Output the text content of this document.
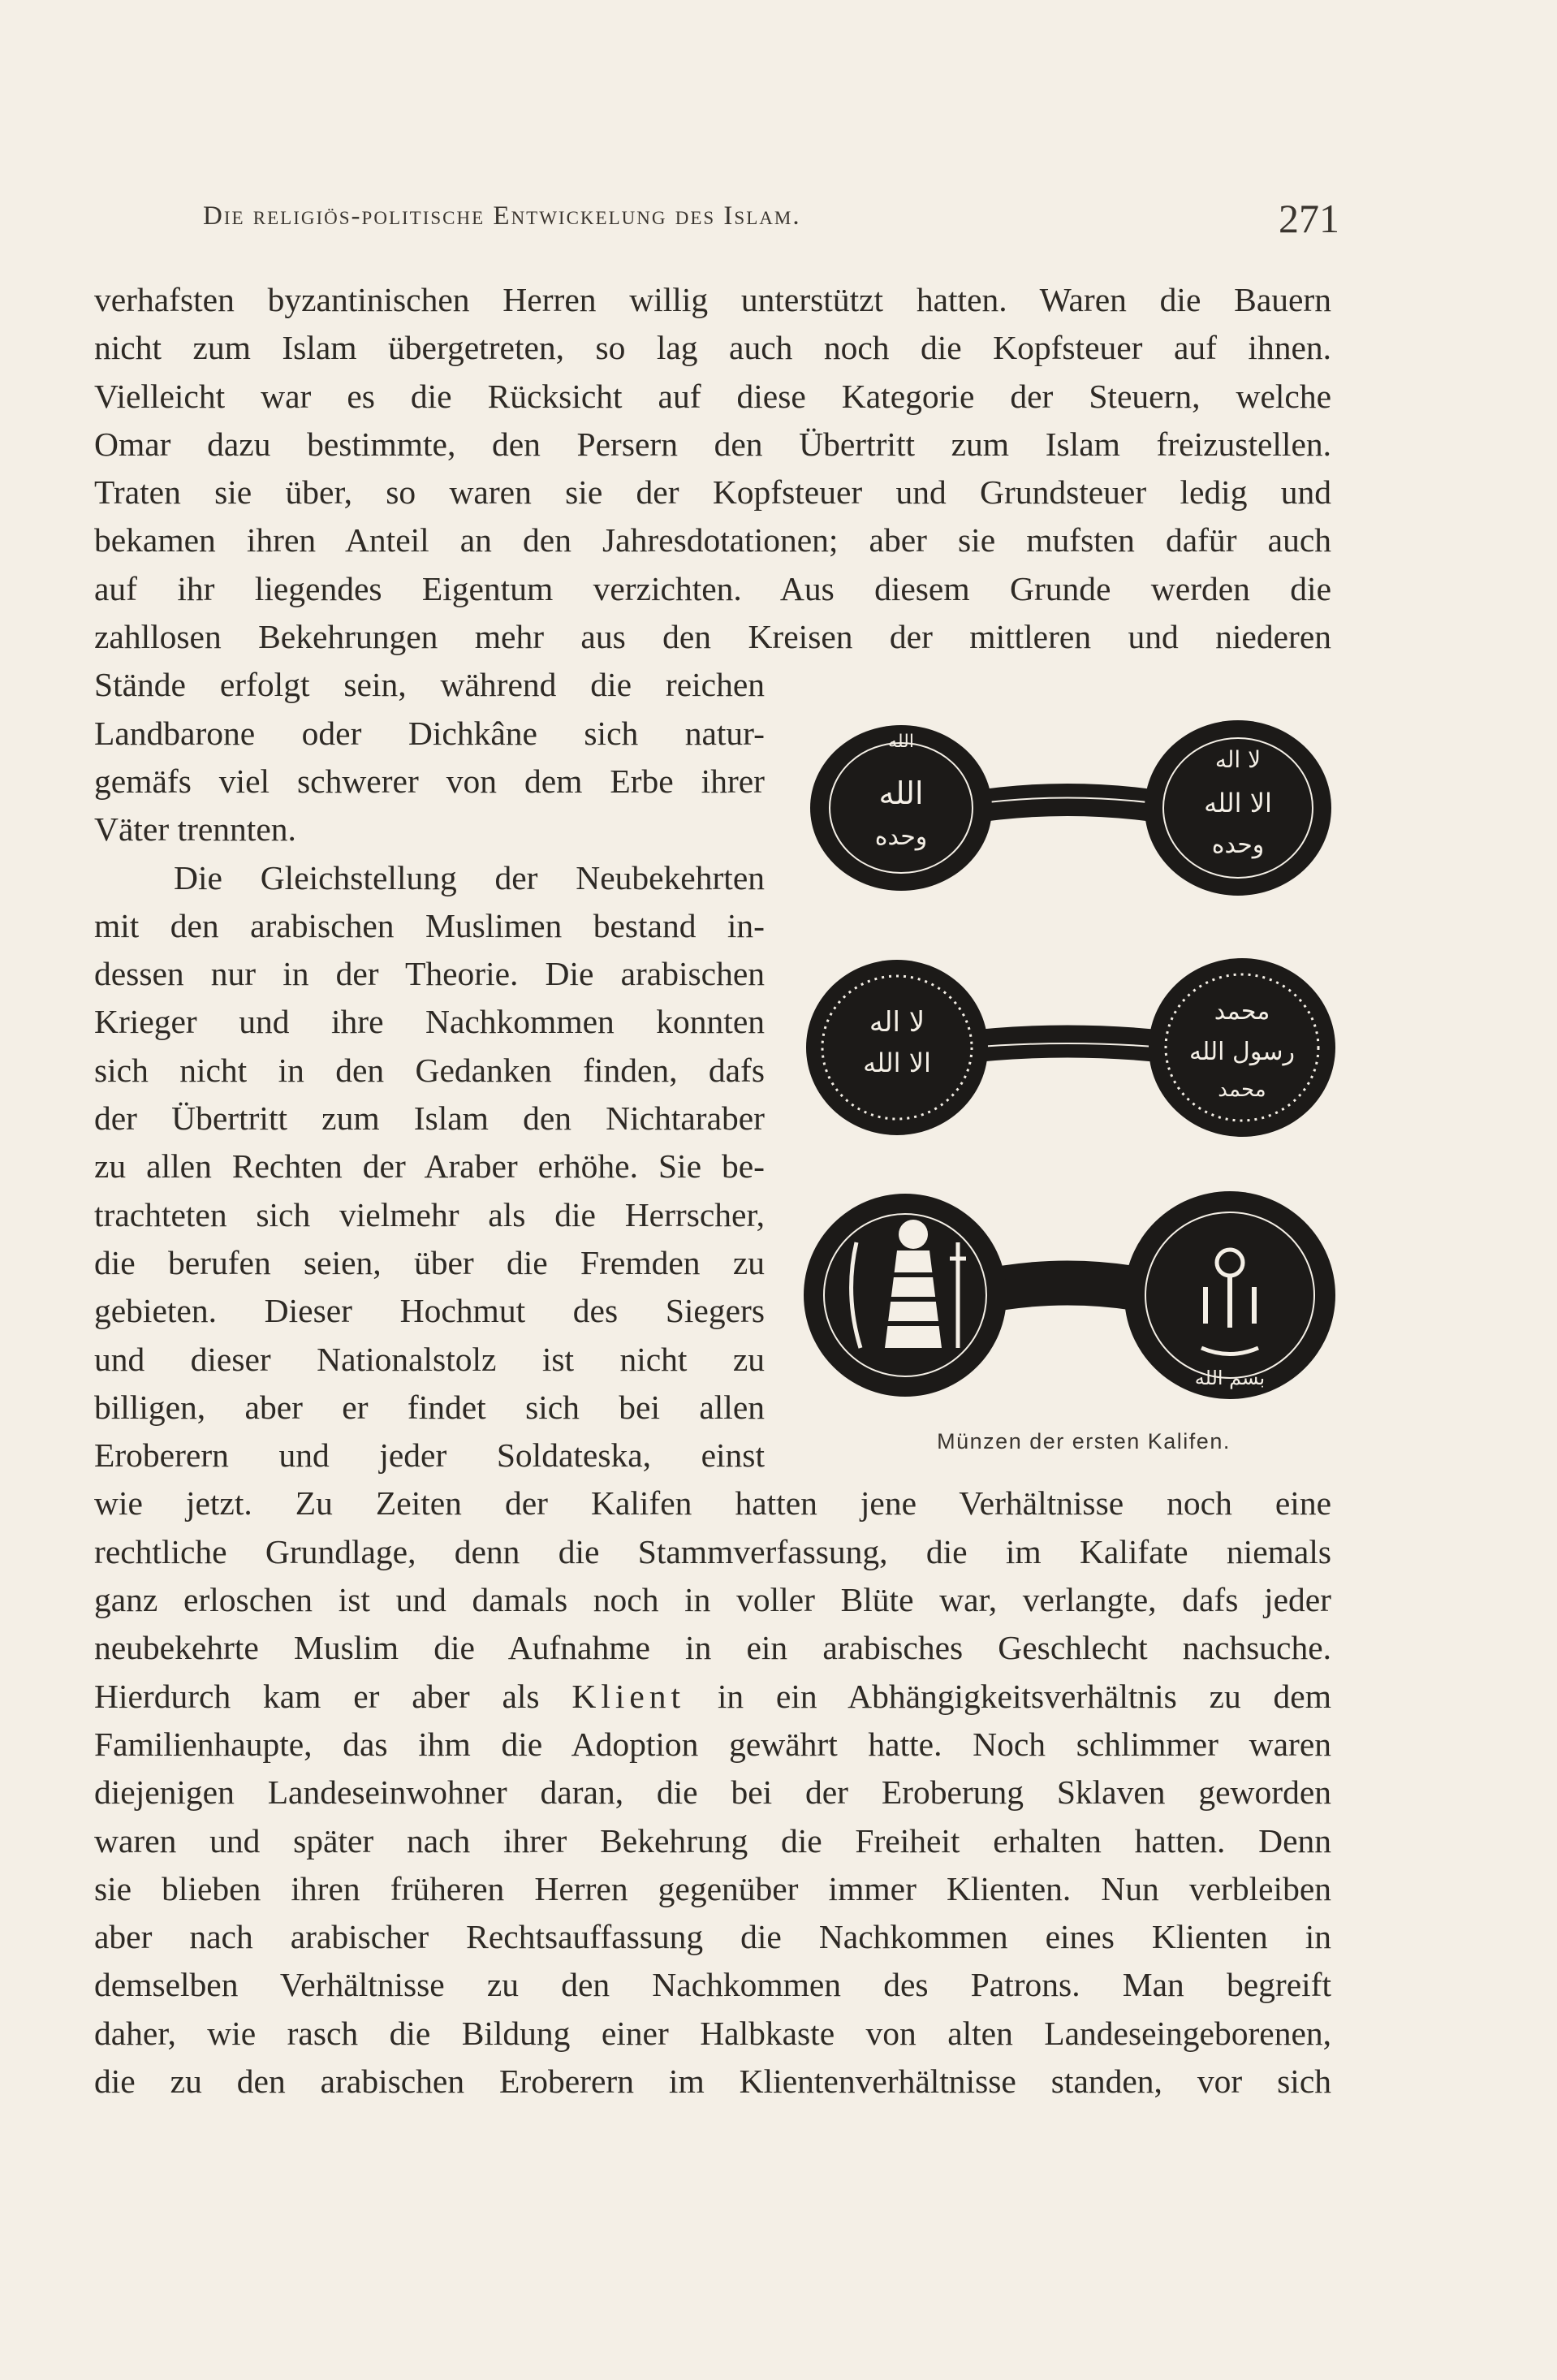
Die religiös-politische Entwickelung des Islam.	271
verhafsten byzantinischen Herren willig unterstützt hatten. Waren die Bauern
nicht zum Islam übergetreten, so lag auch noch die Kopfsteuer auf ihnen.
Vielleicht war es die Rücksicht auf diese Kategorie der Steuern, welche
Omar dazu bestimmte, den Persern den Übertritt zum Islam freizustellen.
Traten sie über, so waren sie der Kopfsteuer und Grundsteuer ledig und
bekamen ihren Anteil an den Jahresdotationen; aber sie mufsten dafür auch
auf ihr liegendes Eigentum verzichten. Aus diesem Grunde werden die
zahllosen Bekehrungen mehr aus den Kreisen der mittleren und niederen
Stände erfolgt sein, während die reichen
Landbarone oder Dichkâne sich natur-
gemäfs viel schwerer von dem Erbe ihrer
Väter trennten.
Die Gleichstellung der Neubekehrten
mit den arabischen Muslimen bestand in-
dessen nur in der Theorie. Die arabischen
Krieger und ihre Nachkommen konnten
sich nicht in den Gedanken finden, dafs
der Übertritt zum Islam den Nichtaraber
zu allen Rechten der Araber erhöhe. Sie be-
trachteten sich vielmehr als die Herrscher,
die berufen seien, über die Fremden zu
gebieten. Dieser Hochmut des Siegers
und dieser Nationalstolz ist nicht zu
billigen, aber er findet sich bei allen
Eroberern und jeder Soldateska, einst
wie jetzt. Zu Zeiten der Kalifen hatten jene Verhältnisse noch eine
rechtliche Grundlage, denn die Stammverfassung, die im Kalifate niemals
ganz erloschen ist und damals noch in voller Blüte war, verlangte, dafs jeder
neubekehrte Muslim die Aufnahme in ein arabisches Geschlecht nachsuche.
Hierdurch kam er aber als Klient in ein Abhängigkeitsverhältnis zu dem
Familienhaupte, das ihm die Adoption gewährt hatte. Noch schlimmer waren
diejenigen Landeseinwohner daran, die bei der Eroberung Sklaven geworden
waren und später nach ihrer Bekehrung die Freiheit erhalten hatten. Denn
sie blieben ihren früheren Herren gegenüber immer Klienten. Nun verbleiben
aber nach arabischer Rechtsauffassung die Nachkommen eines Klienten in
demselben Verhältnisse zu den Nachkommen des Patrons. Man begreift
daher, wie rasch die Bildung einer Halbkaste von alten Landeseingeborenen,
die zu den arabischen Eroberern im Klientenverhältnisse standen, vor sich
الله
الله
وحده
لا اله
الا الله
وحده
لا اله
الا الله
محمد
رسول الله
محمد
بسم الله
Münzen der ersten Kalifen.
